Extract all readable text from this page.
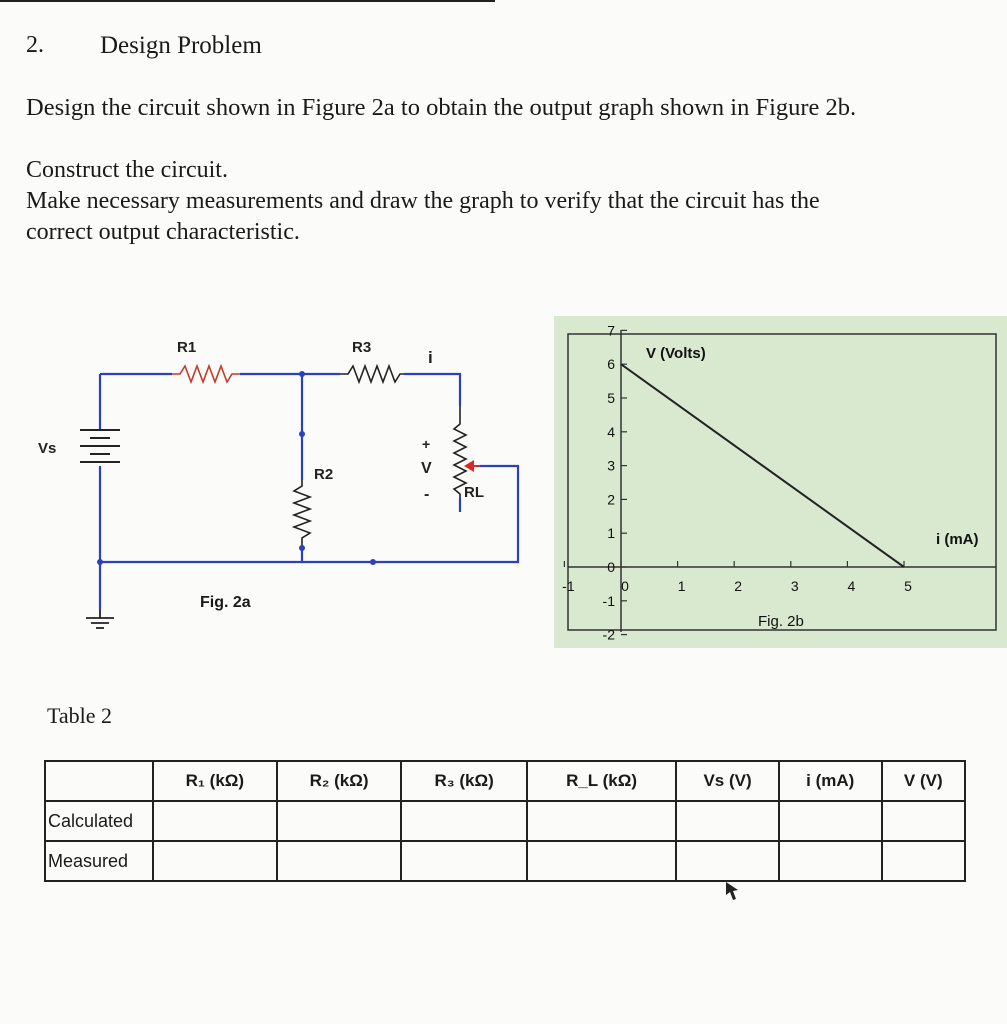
2. Design Problem
Design the circuit shown in Figure 2a to obtain the output graph shown in Figure 2b.
Construct the circuit.
Make necessary measurements and draw the graph to verify that the circuit has the
correct output characteristic.
R1	R3
i
Vs
R2
+
V
- RL
Fig. 2a
-2
-1
0
1
2
3
4
5
6
7
-1	0	1	2	3	4	5
V (Volts)
i (mA)
Fig. 2b
Table 2
	R₁ (kΩ)	R₂ (kΩ)	R₃ (kΩ)	R_L (kΩ)	Vs (V)	i (mA)	V (V)
Calculated							
Measured							
